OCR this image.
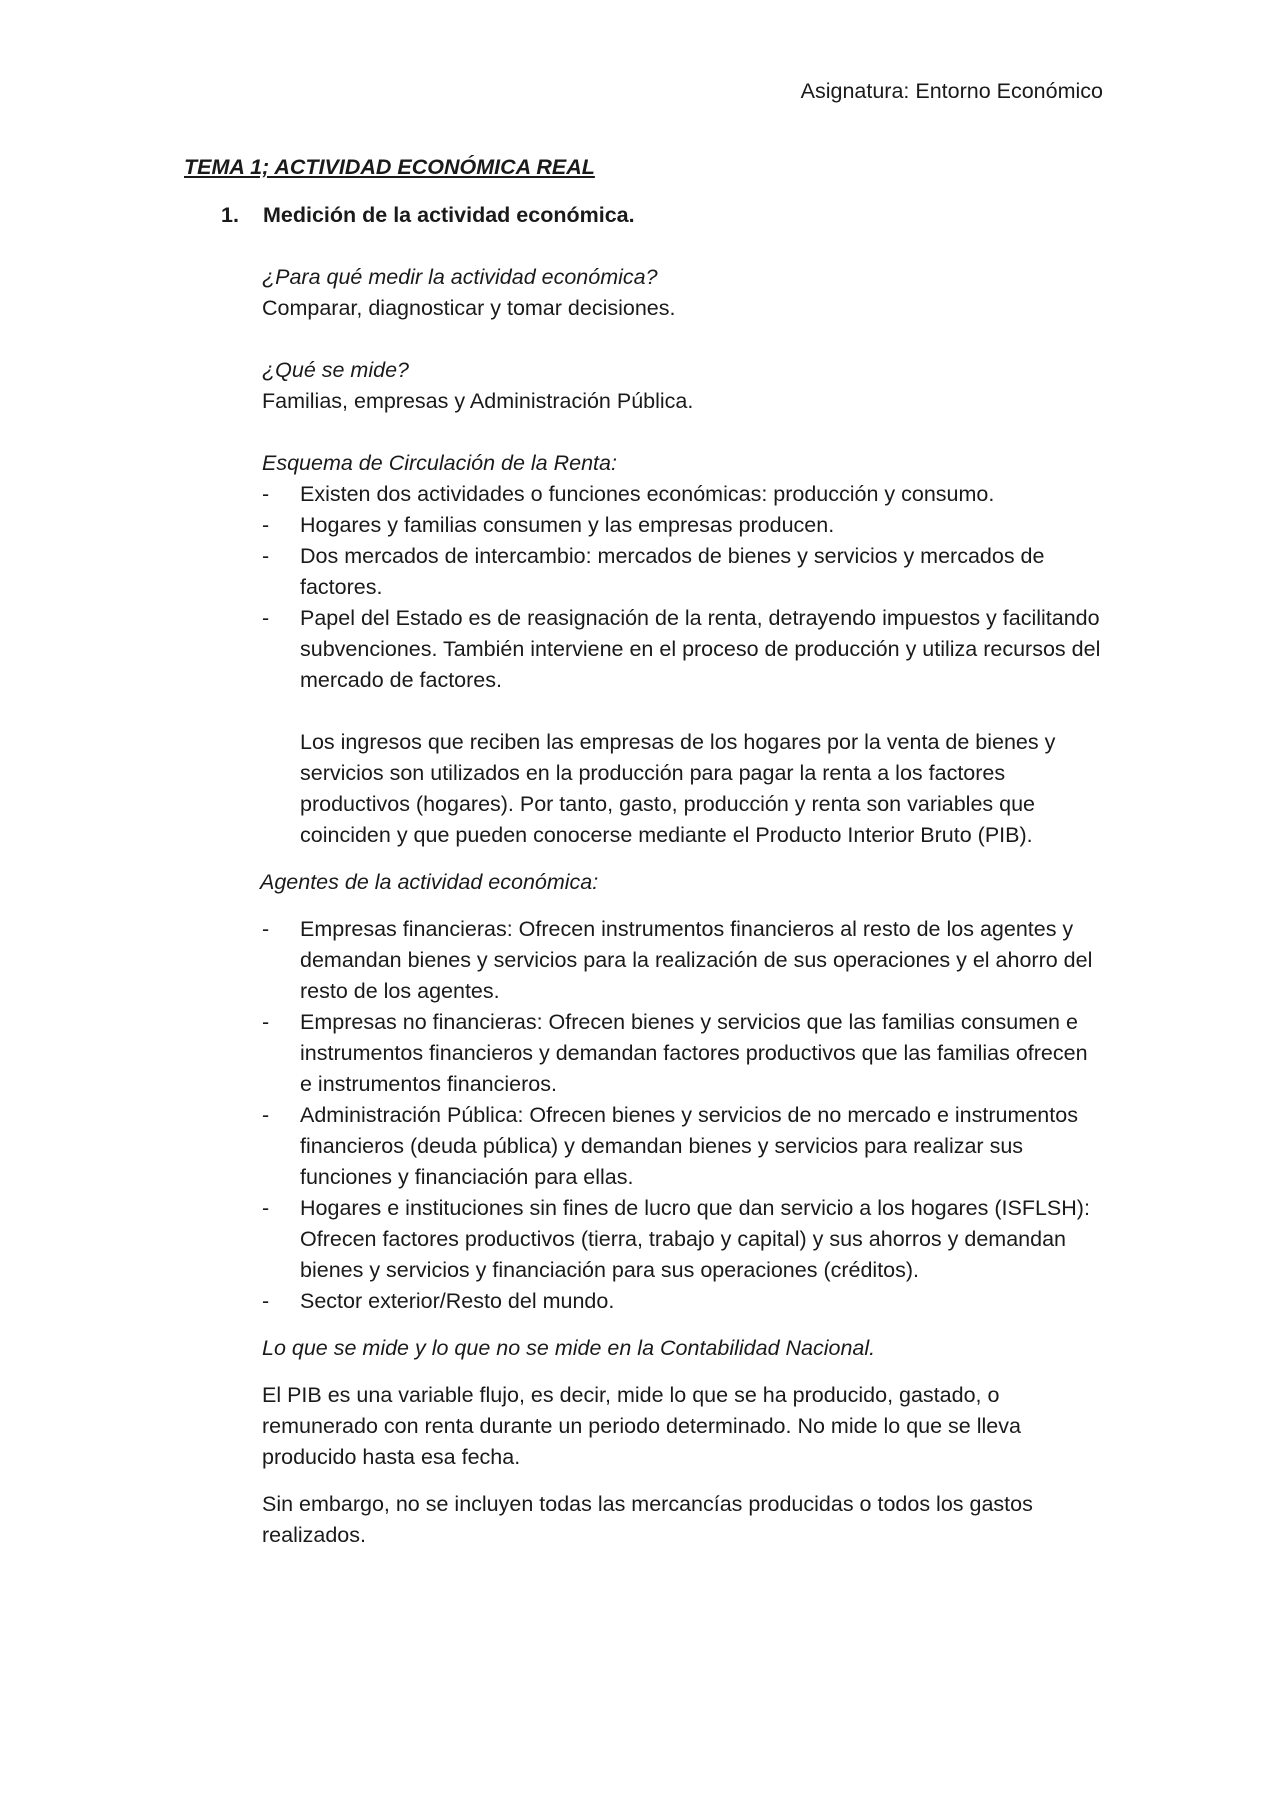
Asignatura: Entorno Económico
TEMA 1; ACTIVIDAD ECONÓMICA REAL
1. Medición de la actividad económica.

¿Para qué medir la actividad económica?

Comparar, diagnosticar y tomar decisiones.

¿Qué se mide?

Familias, empresas y Administración Pública.

Esquema de Circulación de la Renta:

- Existen dos actividades o funciones económicas: producción y consumo.
- Hogares y familias consumen y las empresas producen.
- Dos mercados de intercambio: mercados de bienes y servicios y mercados de factores.
- Papel del Estado es de reasignación de la renta, detrayendo impuestos y facilitando subvenciones. También interviene en el proceso de producción y utiliza recursos del mercado de factores.

Los ingresos que reciben las empresas de los hogares por la venta de bienes y servicios son utilizados en la producción para pagar la renta a los factores productivos (hogares). Por tanto, gasto, producción y renta son variables que coinciden y que pueden conocerse mediante el Producto Interior Bruto (PIB).

Agentes de la actividad económica:

- Empresas financieras: Ofrecen instrumentos financieros al resto de los agentes y demandan bienes y servicios para la realización de sus operaciones y el ahorro del resto de los agentes.
- Empresas no financieras: Ofrecen bienes y servicios que las familias consumen e instrumentos financieros y demandan factores productivos que las familias ofrecen e instrumentos financieros.
- Administración Pública: Ofrecen bienes y servicios de no mercado e instrumentos financieros (deuda pública) y demandan bienes y servicios para realizar sus funciones y financiación para ellas.
- Hogares e instituciones sin fines de lucro que dan servicio a los hogares (ISFLSH): Ofrecen factores productivos (tierra, trabajo y capital) y sus ahorros y demandan bienes y servicios y financiación para sus operaciones (créditos).
- Sector exterior/Resto del mundo.

Lo que se mide y lo que no se mide en la Contabilidad Nacional.

El PIB es una variable flujo, es decir, mide lo que se ha producido, gastado, o remunerado con renta durante un periodo determinado. No mide lo que se lleva producido hasta esa fecha.

Sin embargo, no se incluyen todas las mercancías producidas o todos los gastos realizados.
